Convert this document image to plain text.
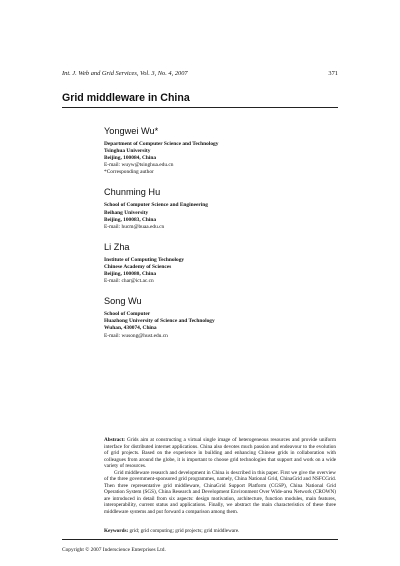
Int. J. Web and Grid Services, Vol. 3, No. 4, 2007	371
Grid middleware in China
Yongwei Wu*
Department of Computer Science and Technology
Tsinghua University
Beijing, 100084, China
E-mail: wuyw@tsinghua.edu.cn
*Corresponding author
Chunming Hu
School of Computer Science and Engineering
Beihang University
Beijing, 100083, China
E-mail: hucm@buaa.edu.cn
Li Zha
Institute of Computing Technology
Chinese Academy of Sciences
Beijing, 100080, China
E-mail: char@ict.ac.cn
Song Wu
School of Computer
Huazhong University of Science and Technology
Wuhan, 430074, China
E-mail: wusong@hust.edu.cn

Abstract: Grids aim at constructing a virtual single image of heterogeneous resources and provide uniform interface for distributed internet applications. China also devotes much passion and endeavour to the evolution of grid projects. Based on the experience in building and enhancing Chinese grids in collaboration with colleagues from around the globe, it is important to choose grid technologies that support and work on a wide variety of resources.

Grid middleware research and development in China is described in this paper. First we give the overview of the three government-sponsored grid programmes, namely, China National Grid, ChinaGrid and NSFCGrid. Then three representative grid middleware, ChinaGrid Support Platform (CGSP), China National Grid Operation System (SGS), China Research and Development Environment Over Wide-area Network (CROWN) are introduced in detail from six aspects: design motivation, architecture, function modules, main features, interoperability, current status and applications. Finally, we abstract the main characteristics of these three middleware systems and put forward a comparison among them.

Keywords: grid; grid computing; grid projects; grid middleware.
Copyright © 2007 Inderscience Enterprises Ltd.
